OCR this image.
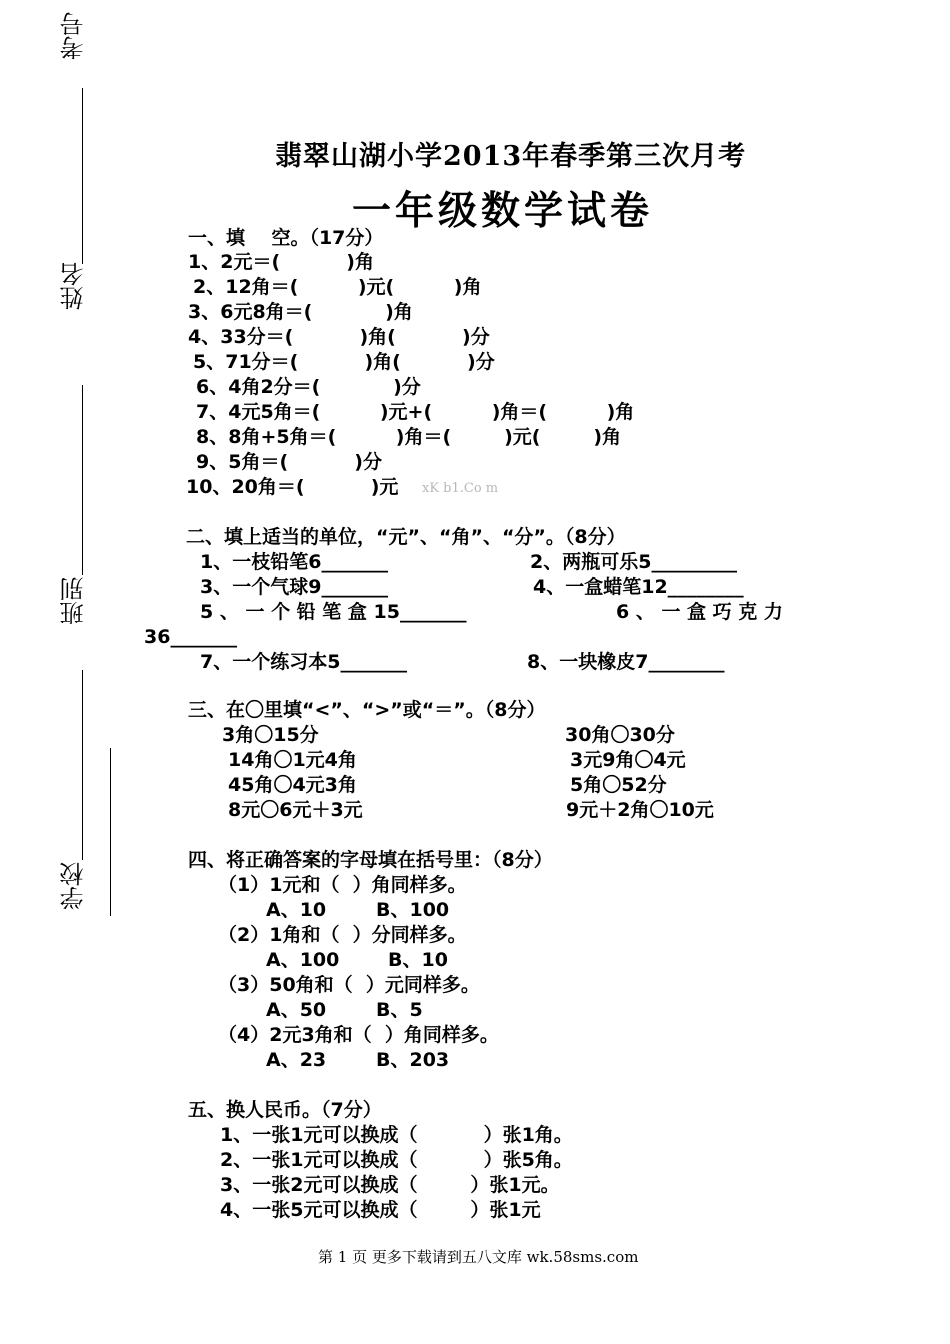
考号
姓名
班别
学校
翡翠山湖小学2013年春季第三次月考
一年级数学试卷
一、填    空。（17分）
1、2元＝(          )角
2、12角＝(         )元(         )角
3、6元8角＝(           )角
4、33分＝(          )角(          )分
5、71分＝(          )角(          )分
6、4角2分＝(           )分
7、4元5角＝(         )元+(         )角＝(         )角
8、8角+5角＝(         )角＝(        )元(        )角
9、5角＝(          )分
10、20角＝(          )元 xK b1.Co m
二、填上适当的单位，“元”、“角”、“分”。（8分）
1、一枝铅笔6_______	2、两瓶可乐5_________
3、一个气球9_______	4、一盒蜡笔12________
5 、 一 个 铅 笔 盒 15_______	6 、 一 盒 巧 克 力
36_______
7、一个练习本5_______	8、一块橡皮7________
三、在〇里填“<”、“>”或“＝”。（8分）
3角〇15分	30角〇30分
14角〇1元4角	3元9角〇4元
45角〇4元3角	5角〇52分
8元〇6元＋3元	9元＋2角〇10元
四、将正确答案的字母填在括号里：（8分）
（1）1元和（  ）角同样多。
A、10	B、100
（2）1角和（  ）分同样多。
A、100	B、10
（3）50角和（  ）元同样多。
A、50	B、5
（4）2元3角和（  ）角同样多。
A、23	B、203
五、换人民币。（7分）
1、一张1元可以换成（          ）张1角。
2、一张1元可以换成（          ）张5角。
3、一张2元可以换成（        ）张1元。
4、一张5元可以换成（        ）张1元
第 1 页 更多下载请到五八文库 wk.58sms.com
